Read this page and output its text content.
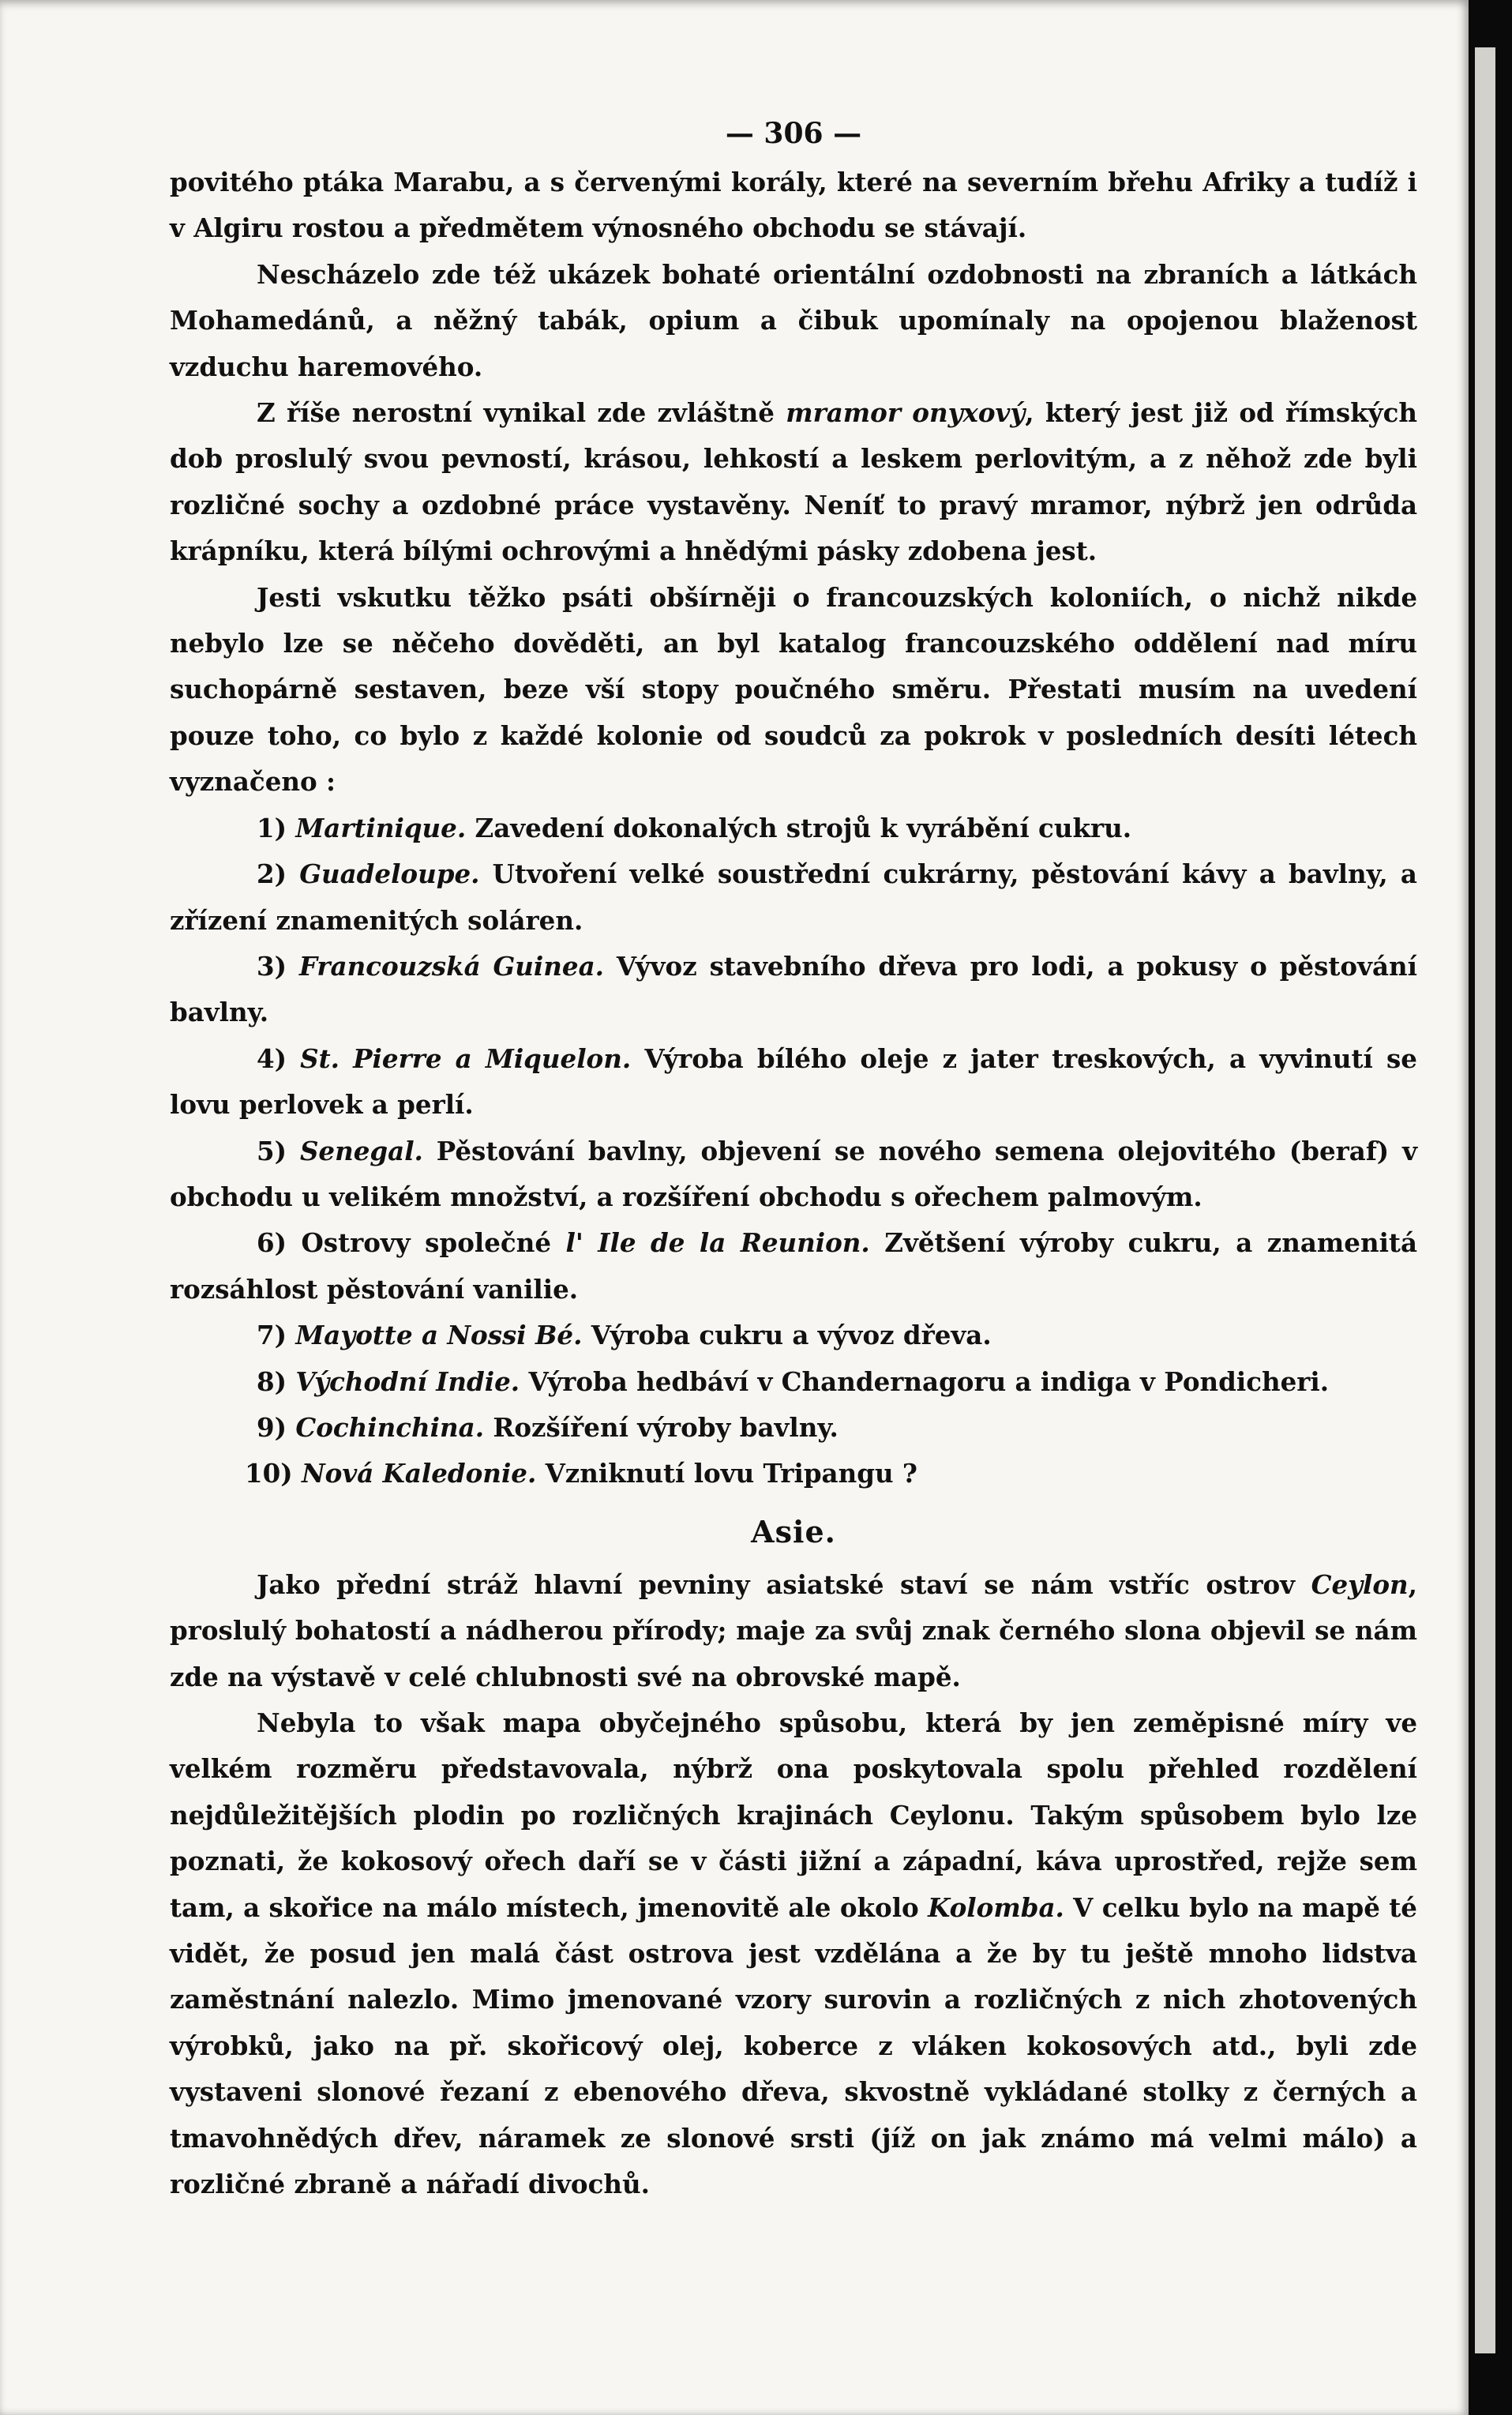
— 306 —

povitého ptáka Marabu, a s červenými korály, které na severním břehu Afriky a tudíž i v Algiru rostou a předmětem výnosného obchodu se stávají.

Nescházelo zde též ukázek bohaté orientální ozdobnosti na zbraních a látkách Mohamedánů, a něžný tabák, opium a čibuk upomínaly na opojenou blaženost vzduchu haremového.

Z říše nerostní vynikal zde zvláštně mramor onyxový, který jest již od římských dob proslulý svou pevností, krásou, lehkostí a leskem perlovitým, a z něhož zde byli rozličné sochy a ozdobné práce vystavěny. Neníť to pravý mramor, nýbrž jen odrůda krápníku, která bílými ochrovými a hnědými pásky zdobena jest.

Jesti vskutku těžko psáti obšírněji o francouzských koloniích, o nichž nikde nebylo lze se něčeho dověděti, an byl katalog francouzského oddělení nad míru suchopárně sestaven, beze vší stopy poučného směru. Přestati musím na uvedení pouze toho, co bylo z každé kolonie od soudců za pokrok v posledních desíti létech vyznačeno :

1) Martinique. Zavedení dokonalých strojů k vyrábění cukru.
2) Guadeloupe. Utvoření velké soustřední cukrárny, pěstování kávy a bavlny, a zřízení znamenitých soláren.
3) Francouzská Guinea. Vývoz stavebního dřeva pro lodi, a pokusy o pěstování bavlny.
4) St. Pierre a Miquelon. Výroba bílého oleje z jater treskových, a vyvinutí se lovu perlovek a perlí.
5) Senegal. Pěstování bavlny, objevení se nového semena olejovitého (beraf) v obchodu u velikém množství, a rozšíření obchodu s ořechem palmovým.
6) Ostrovy společné l' Ile de la Reunion. Zvětšení výroby cukru, a znamenitá rozsáhlost pěstování vanilie.
7) Mayotte a Nossi Bé. Výroba cukru a vývoz dřeva.
8) Východní Indie. Výroba hedbáví v Chandernagoru a indiga v Pondicheri.
9) Cochinchina. Rozšíření výroby bavlny.
10) Nová Kaledonie. Vzniknutí lovu Tripangu ?
Asie.

Jako přední stráž hlavní pevniny asiatské staví se nám vstříc ostrov Ceylon, proslulý bohatostí a nádherou přírody; maje za svůj znak černého slona objevil se nám zde na výstavě v celé chlubnosti své na obrovské mapě.

Nebyla to však mapa obyčejného spůsobu, která by jen zeměpisné míry ve velkém rozměru představovala, nýbrž ona poskytovala spolu přehled rozdělení nejdůležitějších plodin po rozličných krajinách Ceylonu. Takým spůsobem bylo lze poznati, že kokosový ořech daří se v části jižní a západní, káva uprostřed, rejže sem tam, a skořice na málo místech, jmenovitě ale okolo Kolomba. V celku bylo na mapě té vidět, že posud jen malá část ostrova jest vzdělána a že by tu ještě mnoho lidstva zaměstnání nalezlo. Mimo jmenované vzory surovin a rozličných z nich zhotovených výrobků, jako na př. skořicový olej, koberce z vláken kokosových atd., byli zde vystaveni slonové řezaní z ebenového dřeva, skvostně vykládané stolky z černých a tmavohnědých dřev, náramek ze slonové srsti (jíž on jak známo má velmi málo) a rozličné zbraně a nářadí divochů.
